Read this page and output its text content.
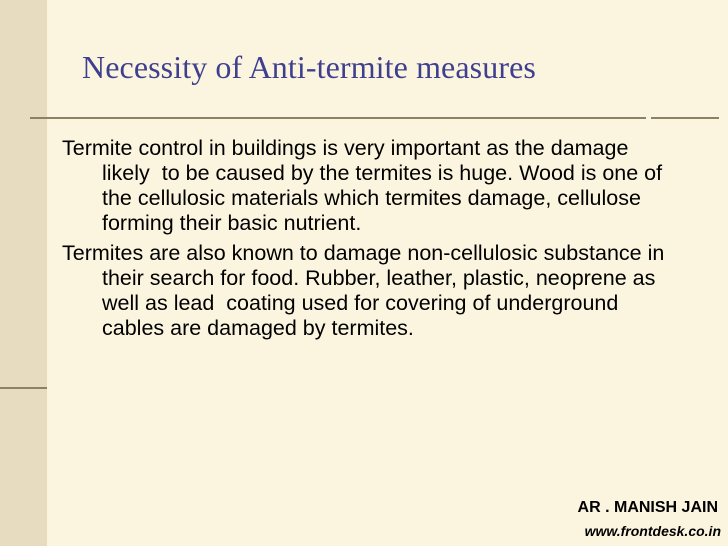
Necessity of Anti-termite measures

Termite control in buildings is very important as the damage likely  to be caused by the termites is huge. Wood is one of the cellulosic materials which termites damage, cellulose forming their basic nutrient.

Termites are also known to damage non-cellulosic substance in their search for food. Rubber, leather, plastic, neoprene as well as lead  coating used for covering of underground cables are damaged by termites.

AR . MANISH JAIN
www.frontdesk.co.in
